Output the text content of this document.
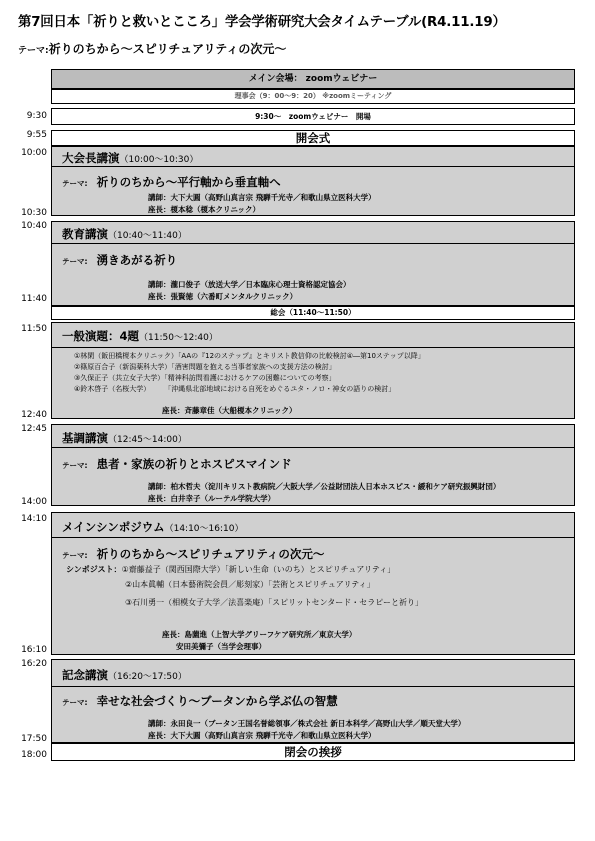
第7回日本「祈りと救いとこころ」学会学術研究大会タイムテーブル(R4.11.19）
テーマ:祈りのちから～スピリチュアリティの次元～
9:30
9:55
10:00
10:30
10:40
11:40
11:50
12:40
12:45
14:00
14:10
16:10
16:20
17:50
18:00
メイン会場： zoomウェビナー
理事会（9：00～9：20） ※zoomミーティング
9:30～　zoomウェビナー　開場
開会式
大会長講演（10:00～10:30）
テーマ: 祈りのちから～平行軸から垂直軸へ
講師：大下大圓（高野山真言宗 飛騨千光寺／和歌山県立医科大学）
座長：榎本稔（榎本クリニック）
教育講演（10:40～11:40）
テーマ: 湧きあがる祈り
講師：瀧口俊子（放送大学／日本臨床心理士資格認定協会）
座長：張賢徳（六番町メンタルクリニック）
総会（11:40～11:50）
一般演題：4題（11:50～12:40）
①林閑（飯田橋榎本クリニック）「AAの『12のステップ』とキリスト教信仰の比較検討④―第10ステップ以降」
②篠原百合子（新潟薬科大学）「酒害問題を抱える当事者家族への支援方法の検討」
③久保正子（共立女子大学）「精神科訪問看護におけるケアの困難についての考察」
④鈴木啓子（名桜大学）　　　「沖縄県北部地域における自死をめぐるユタ・ノロ・神女の語りの検討」
座長：斉藤章佳（大船榎本クリニック）
基調講演（12:45～14:00）
テーマ: 患者・家族の祈りとホスピスマインド
講師：柏木哲夫（淀川キリスト教病院／大阪大学／公益財団法人日本ホスピス・緩和ケア研究振興財団）
座長：白井幸子（ルーテル学院大学）
メインシンポジウム（14:10～16:10）
テーマ: 祈りのちから～スピリチュアリティの次元～
シンポジスト：①齋藤益子（関西国際大学）「新しい生命（いのち）とスピリチュアリティ」
②山本眞輔（日本藝術院会員／彫刻家）「芸術とスピリチュアリティ」
③石川勇一（相模女子大学／法喜楽庵）「スピリットセンタード・セラピーと祈り」
座長：島薗進（上智大学グリーフケア研究所／東京大学）
安田美彌子（当学会理事）
記念講演（16:20～17:50）
テーマ: 幸せな社会づくり～ブータンから学ぶ仏の智慧
講師：永田良一（ブータン王国名誉総領事／株式会社 新日本科学／高野山大学／順天堂大学）
座長：大下大圓（高野山真言宗 飛騨千光寺／和歌山県立医科大学）
閉会の挨拶
